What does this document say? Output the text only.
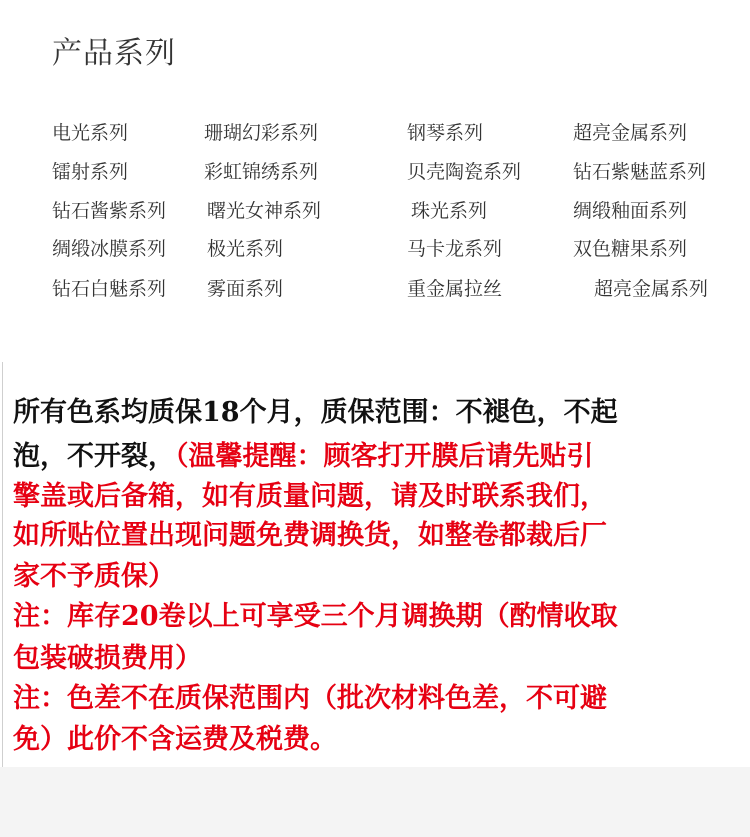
产品系列
电光系列	珊瑚幻彩系列	钢琴系列	超亮金属系列
镭射系列	彩虹锦绣系列	贝壳陶瓷系列	钻石紫魅蓝系列
钻石酱紫系列 曙光女神系列	珠光系列	绸缎釉面系列
绸缎冰膜系列 极光系列	马卡龙系列	双色糖果系列
钻石白魅系列 雾面系列	重金属拉丝	超亮金属系列
所有色系均质保18个月，质保范围：不褪色，不起
泡，不开裂，（温馨提醒：顾客打开膜后请先贴引
擎盖或后备箱，如有质量问题，请及时联系我们，
如所贴位置出现问题免费调换货，如整卷都裁后厂
家不予质保）
注：库存20卷以上可享受三个月调换期（酌情收取
包装破损费用）
注：色差不在质保范围内（批次材料色差，不可避
免）此价不含运费及税费。
